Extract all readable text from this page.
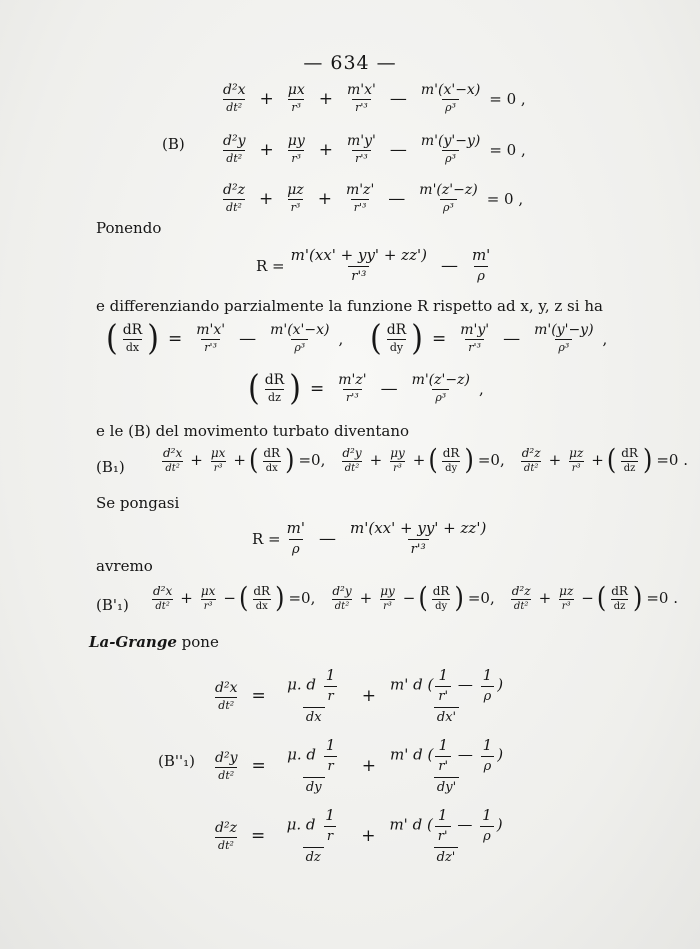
— 634 —
(B)
$\frac{\text{d²x}}{\text{dt²}} + \frac{\mu x}{\text{r³}} + \frac{m'x'}{\text{r'³}}$ — $\frac{m'(x'-x)}{\text{ρ³}} = 0$ ,
$\frac{\text{d²y}}{\text{dt²}} + \frac{\mu y}{\text{r³}} + \frac{m'y'}{\text{r'³}}$ — $\frac{m'(y'-y)}{\text{ρ³}} = 0$ ,
$\frac{\text{d²z}}{\text{dt²}} + \frac{\mu z}{\text{r³}} + \frac{m'z'}{\text{r'³}}$ — $\frac{m'(z'-z)}{\text{ρ³}} = 0$ ,
Ponendo
$R = \frac{m'(xx' + yy' + zz')}{\text{r'³}}$ — $\frac{m'}{\rho}$
e differenziando parzialmente la funzione R rispetto ad x, y, z si ha
( $\frac{dR}{dx}$ ) = $\frac{m'x'}{\text{r'³}}$ — $\frac{m'(x'-x)}{\text{ρ³}}$ , ( $\frac{dR}{dy}$ ) = $\frac{m'y'}{\text{r'³}}$ — $\frac{m'(y'-y)}{\text{ρ³}}$ ,
( $\frac{dR}{dz}$ ) = $\frac{m'z'}{\text{r'³}}$ — $\frac{m'(z'-z)}{\text{ρ³}}$ ,
e le (B) del movimento turbato diventano
(B₁)	$\frac{\text{d²x}}{\text{dt²}} + \frac{\mu x}{\text{r³}}$ + ( $\frac{dR}{dx}$ ) =0, $\frac{\text{d²y}}{\text{dt²}} + \frac{\mu y}{\text{r³}}$ + ( $\frac{dR}{dy}$ ) =0, $\frac{\text{d²z}}{\text{dt²}} + \frac{\mu z}{\text{r³}}$ + ( $\frac{dR}{dz}$ ) =0 .
Se pongasi
$R = \frac{m'}{\rho}$ — $\frac{m'(xx' + yy' + zz')}{\text{r'³}}$
avremo
$(B'_1) \frac{\text{d²x}}{\text{dt²}} + \frac{\mu x}{\text{r³}}$ − ( $\frac{dR}{dx}$ ) =0, $\frac{\text{d²y}}{\text{dt²}} + \frac{\mu y}{\text{r³}}$ − ( $\frac{dR}{dy}$ ) =0, $\frac{\text{d²z}}{\text{dt²}} + \frac{\mu z}{\text{r³}}$ − ( $\frac{dR}{dz}$ ) =0 .
La-Grange pone
(B''₁)
$\frac{\text{d²x}}{\text{dt²}} = \frac{\mu. d \frac{1}{r}}{dx} + \frac{m' d ( \frac{1}{r'} — \frac{1}{\rho} )}{dx'}$
$\frac{\text{d²y}}{\text{dt²}} = \frac{\mu. d \frac{1}{r}}{dy} + \frac{m' d ( \frac{1}{r'} — \frac{1}{\rho} )}{dy'}$
$\frac{\text{d²z}}{\text{dt²}} = \frac{\mu. d \frac{1}{r}}{dz} + \frac{m' d ( \frac{1}{r'} — \frac{1}{\rho} )}{dz'}$
